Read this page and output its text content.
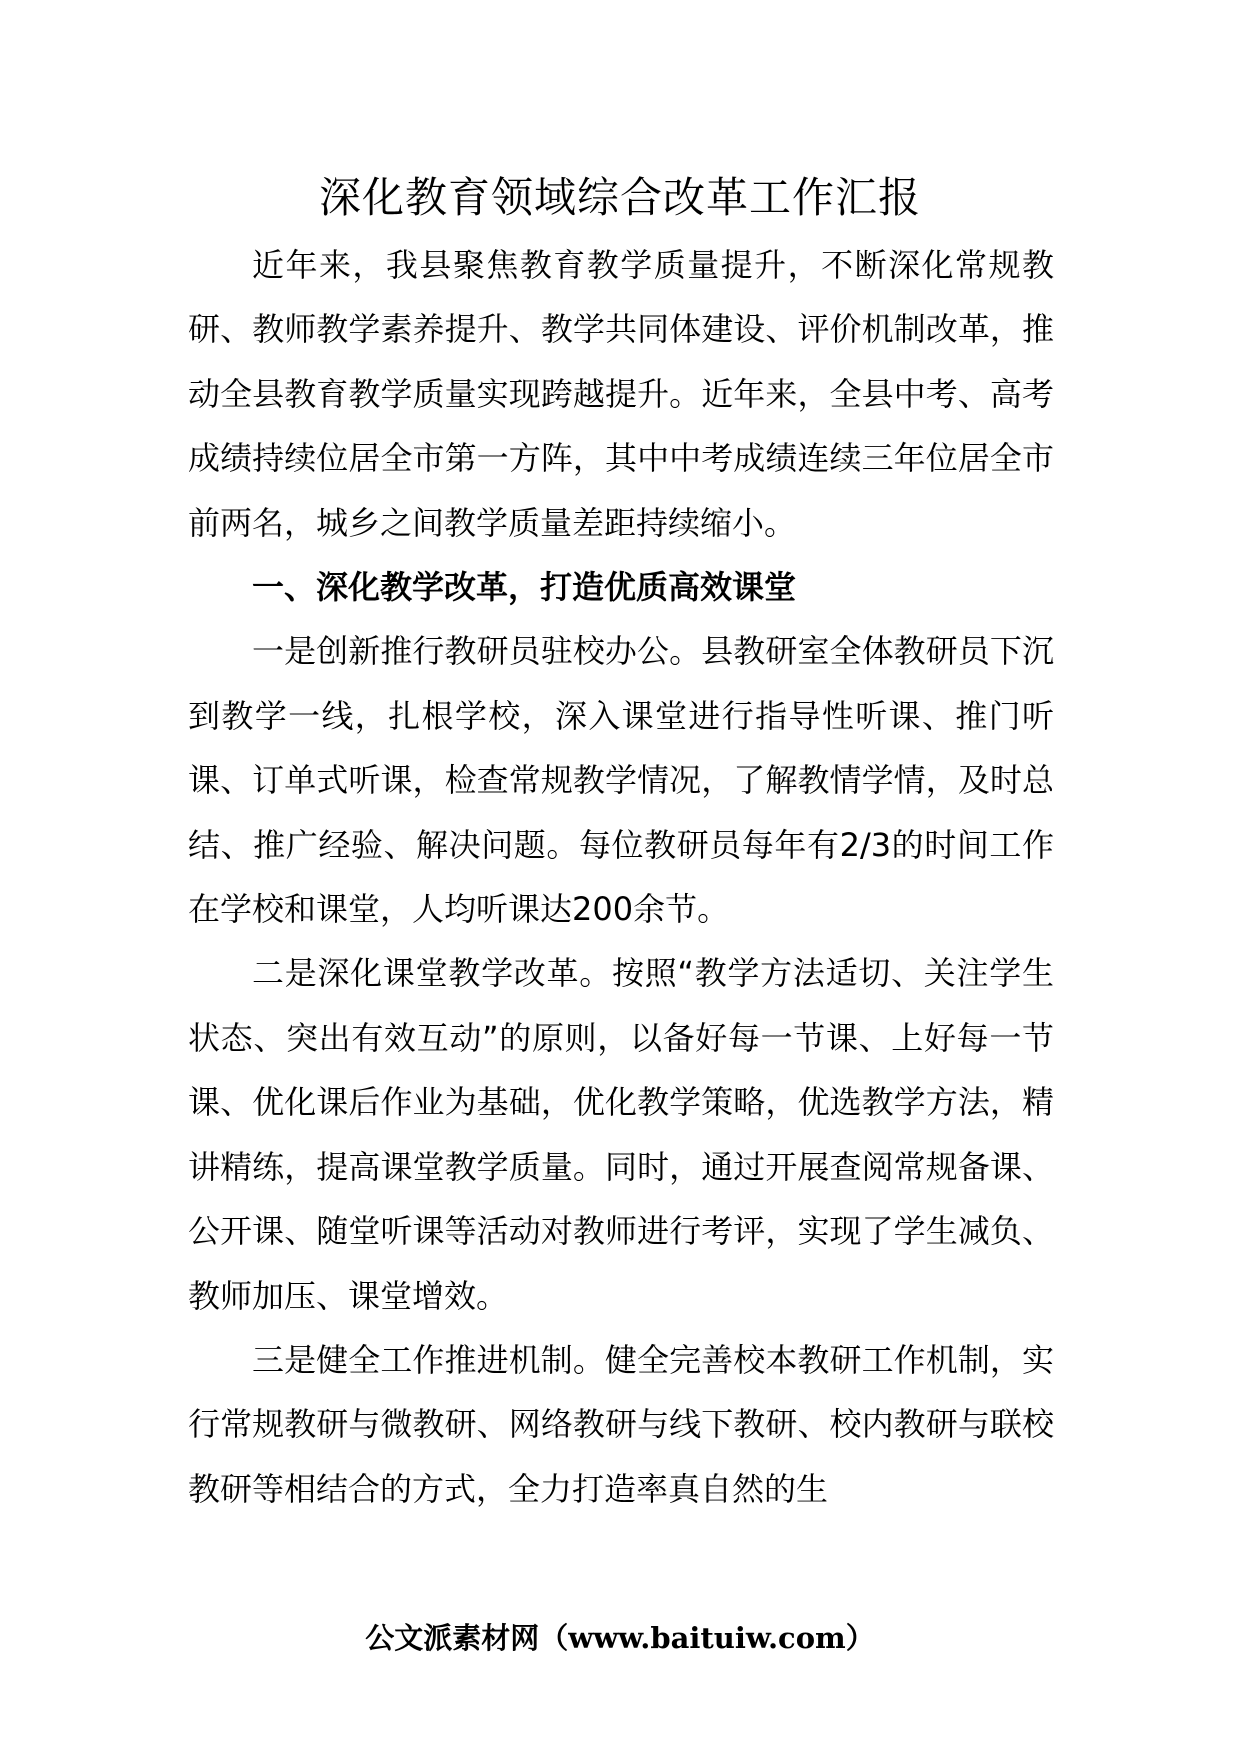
深化教育领域综合改革工作汇报

近年来，我县聚焦教育教学质量提升，不断深化常规教研、教师教学素养提升、教学共同体建设、评价机制改革，推动全县教育教学质量实现跨越提升。近年来，全县中考、高考成绩持续位居全市第一方阵，其中中考成绩连续三年位居全市前两名，城乡之间教学质量差距持续缩小。

一、深化教学改革，打造优质高效课堂

一是创新推行教研员驻校办公。县教研室全体教研员下沉到教学一线，扎根学校，深入课堂进行指导性听课、推门听课、订单式听课，检查常规教学情况，了解教情学情，及时总结、推广经验、解决问题。每位教研员每年有2/3的时间工作在学校和课堂，人均听课达200余节。

二是深化课堂教学改革。按照“教学方法适切、关注学生状态、突出有效互动”的原则，以备好每一节课、上好每一节课、优化课后作业为基础，优化教学策略，优选教学方法，精讲精练，提高课堂教学质量。同时，通过开展查阅常规备课、公开课、随堂听课等活动对教师进行考评，实现了学生减负、教师加压、课堂增效。

三是健全工作推进机制。健全完善校本教研工作机制，实行常规教研与微教研、网络教研与线下教研、校内教研与联校教研等相结合的方式，全力打造率真自然的生

公文派素材网（www.baituiw.com）
